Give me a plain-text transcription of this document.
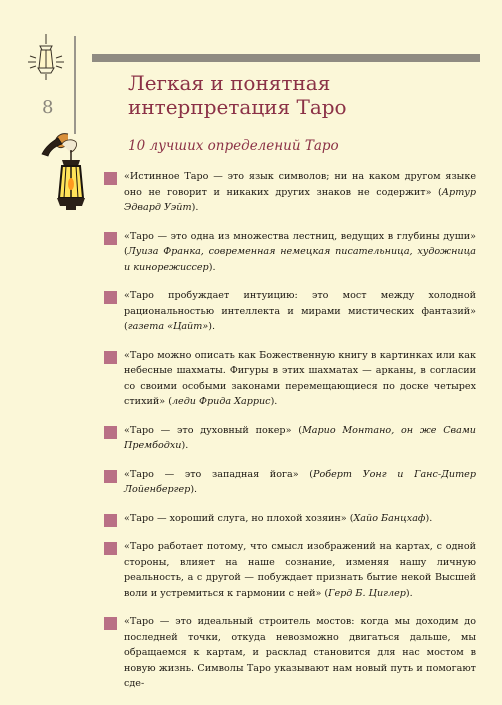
8
Легкая и понятная
интерпретация Таро
10 лучших определений Таро
«Истинное Таро — это язык символов; ни на каком другом языке оно не говорит и никаких других знаков не содержит» (Артур Эдвард Уэйт).
«Таро — это одна из множества лестниц, ведущих в глубины души» (Луиза Франка, современная немецкая писательница, художница и кинорежиссер).
«Таро пробуждает интуицию: это мост между холодной рациональностью интеллекта и мирами мистических фантазий» (газета «Цайт»).
«Таро можно описать как Божественную книгу в картинках или как небесные шахматы. Фигуры в этих шахматах — арканы, в согласии со своими особыми законами перемещающиеся по доске четырех стихий» (леди Фрида Харрис).
«Таро — это духовный покер» (Марио Монтано, он же Свами Прембодхи).
«Таро — это западная йога» (Роберт Уонг и Ганс-Дитер Лойенбергер).
«Таро — хороший слуга, но плохой хозяин» (Хайо Банцхаф).
«Таро работает потому, что смысл изображений на картах, с одной стороны, влияет на наше сознание, изменяя нашу личную реальность, а с другой — побуждает признать бытие некой Высшей воли и устремиться к гармонии с ней» (Герд Б. Циглер).
«Таро — это идеальный строитель мостов: когда мы доходим до последней точки, откуда невозможно двигаться дальше, мы обращаемся к картам, и расклад становится для нас мостом в новую жизнь. Символы Таро указывают нам новый путь и помогают сде-
